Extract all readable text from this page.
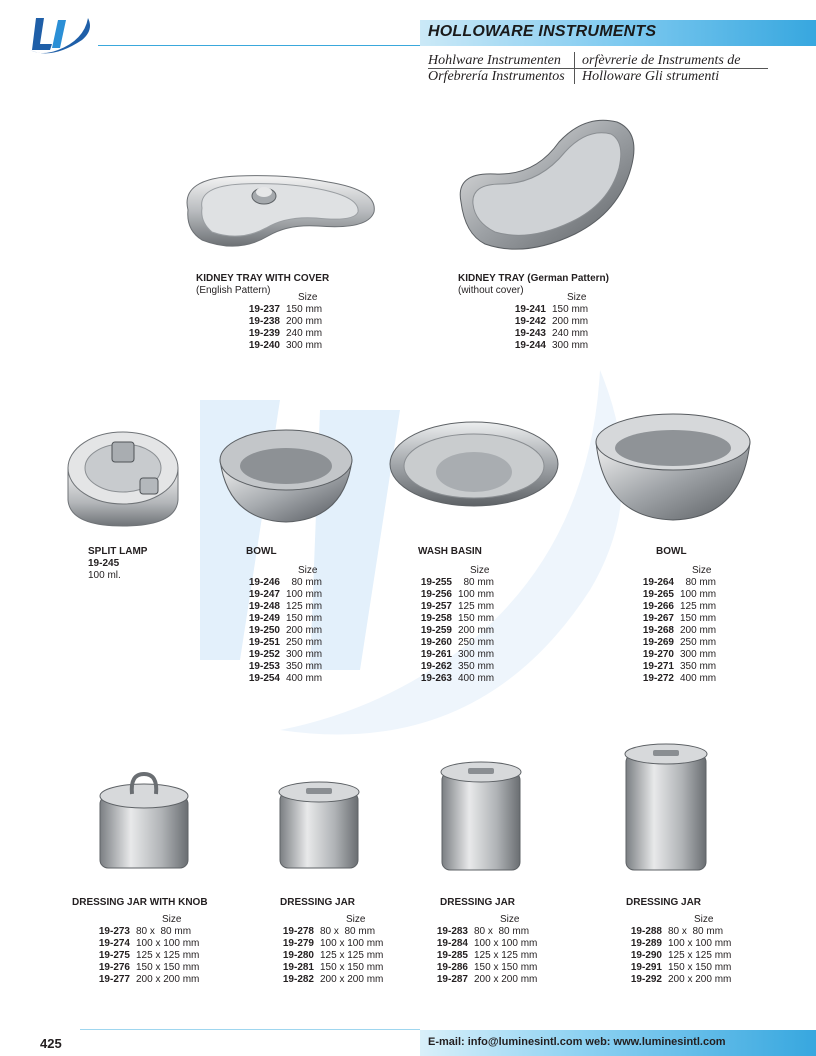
HOLLOWARE INSTRUMENTS
Hohlware Instrumenten orfèvrerie de Instruments de
Orfebrería Instrumentos Holloware Gli strumenti
KIDNEY TRAY WITH COVER
(English Pattern)
Size
19-237 150 mm
19-238 200 mm
19-239 240 mm
19-240 300 mm
KIDNEY TRAY (German Pattern)
(without cover)
Size
19-241 150 mm
19-242 200 mm
19-243 240 mm
19-244 300 mm
SPLIT LAMP
19-245
100 ml.
BOWL
Size
19-246 80 mm
19-247 100 mm
19-248 125 mm
19-249 150 mm
19-250 200 mm
19-251 250 mm
19-252 300 mm
19-253 350 mm
19-254 400 mm
WASH BASIN
Size
19-255 80 mm
19-256 100 mm
19-257 125 mm
19-258 150 mm
19-259 200 mm
19-260 250 mm
19-261 300 mm
19-262 350 mm
19-263 400 mm
BOWL
Size
19-264 80 mm
19-265 100 mm
19-266 125 mm
19-267 150 mm
19-268 200 mm
19-269 250 mm
19-270 300 mm
19-271 350 mm
19-272 400 mm
DRESSING JAR WITH KNOB
Size
19-273 80 x  80 mm
19-274 100 x 100 mm
19-275 125 x 125 mm
19-276 150 x 150 mm
19-277 200 x 200 mm
DRESSING JAR
Size
19-278 80 x  80 mm
19-279 100 x 100 mm
19-280 125 x 125 mm
19-281 150 x 150 mm
19-282 200 x 200 mm
DRESSING JAR
Size
19-283 80 x  80 mm
19-284 100 x 100 mm
19-285 125 x 125 mm
19-286 150 x 150 mm
19-287 200 x 200 mm
DRESSING JAR
Size
19-288 80 x  80 mm
19-289 100 x 100 mm
19-290 125 x 125 mm
19-291 150 x 150 mm
19-292 200 x 200 mm
425	E-mail: info@luminesintl.com web: www.luminesintl.com
